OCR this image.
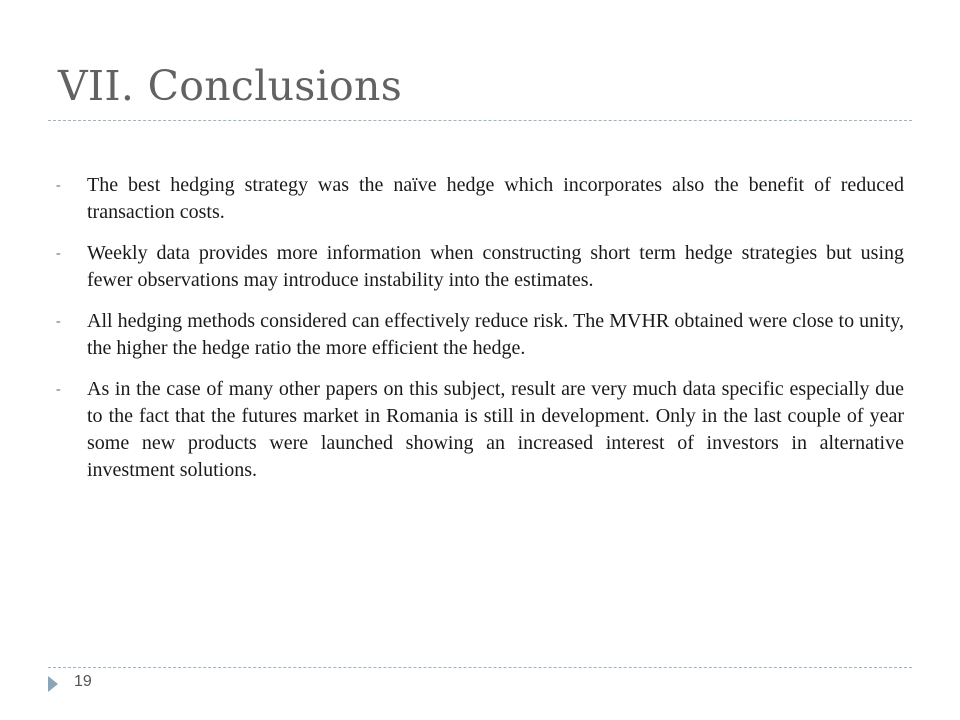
VII. Conclusions
- The best hedging strategy was the naïve hedge which incorporates also the benefit of reduced transaction costs.
- Weekly data provides more information when constructing short term hedge strategies but using fewer observations may introduce instability into the estimates.
- All hedging methods considered can effectively reduce risk. The MVHR obtained were close to unity, the higher the hedge ratio the more efficient the hedge.
- As in the case of many other papers on this subject, result are very much data specific especially due to the fact that the futures market in Romania is still in development. Only in the last couple of year some new products were launched showing an increased interest of investors in alternative investment solutions.
19
